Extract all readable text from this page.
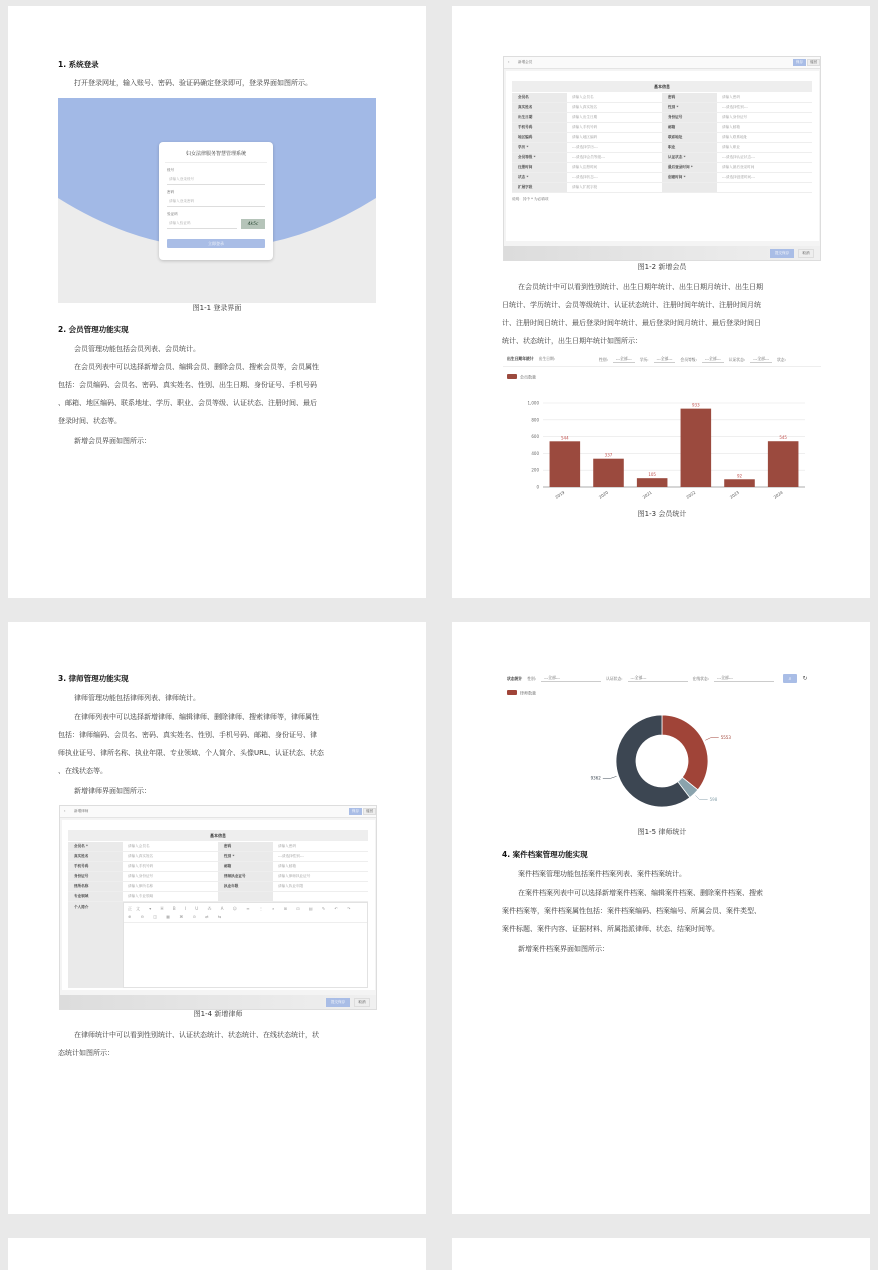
1. 系统登录
打开登录网址，输入账号、密码、验证码确定登录即可，登录界面如图所示。
妇女法律服务智慧管理系统
账号
请输入登录账号
密码
请输入登录密码
验证码
请输入验证码	4k5c
立即登录
图1-1 登录界面
2. 会员管理功能实现
会员管理功能包括会员列表、会员统计。
在会员列表中可以选择新增会员、编辑会员、删除会员、搜索会员等，会员属性
包括：会员编码、会员名、密码、真实姓名、性别、出生日期、身份证号、手机号码
、邮箱、地区编码、联系地址、学历、职业、会员等级、认证状态、注册时间、最后
登录时间、状态等。
新增会员界面如图所示：
‹ 新增会员	保存	返回
基本信息
会员名	请输入会员名	密码	请输入密码
真实姓名	请输入真实姓名	性别 *	---请选择性别---
出生日期	请输入出生日期	身份证号	请输入身份证号
手机号码	请输入手机号码	邮箱	请输入邮箱
地区编码	请输入地区编码	联系地址	请输入联系地址
学历 *	---请选择学历---	职业	请输入职业
会员等级 *	---请选择会员等级---	认证状态 *	---请选择认证状态---
注册时间	请输入注册时间	最后登录时间 *	请输入最后登录时间
状态 *	---请选择状态---	创建时间 *	---请选择创建时间---
扩展字段	请输入扩展字段
说明：其中 * 为必填项
提交保存	取消
图1-2 新增会员
在会员统计中可以看到性别统计、出生日期年统计、出生日期月统计、出生日期
日统计、学历统计、会员等级统计、认证状态统计、注册时间年统计、注册时间月统
计、注册时间日统计、最后登录时间年统计、最后登录时间月统计、最后登录时间日
统计、状态统计，出生日期年统计如图所示：
出生日期年统计 出生日期:	性别:	---全部---	学历:	---全部---	会员等级:	---全部---	认证状态:	---全部---	状态:
会员数量
0
200
400
600
800
1,000
544
2019
337
2020
105
2021
933
2022
92
2023
545
2024
图1-3 会员统计
3. 律师管理功能实现
律师管理功能包括律师列表、律师统计。
在律师列表中可以选择新增律师、编辑律师、删除律师、搜索律师等，律师属性
包括：律师编码、会员名、密码、真实姓名、性别、手机号码、邮箱、身份证号、律
师执业证号、律所名称、执业年限、专业领域、个人简介、头像URL、认证状态、状态
、在线状态等。
新增律师界面如图所示：
‹ 新增律师	保存	返回
基本信息
会员名 *	请输入会员名	密码	请输入密码
真实姓名	请输入真实姓名	性别 *	---请选择性别---
手机号码	请输入手机号码	邮箱	请输入邮箱
身份证号	请输入身份证号	律师执业证号	请输入律师执业证号
律所名称	请输入律所名称	执业年限	请输入执业年限
专业领域	请输入专业领域
个人简介	正文 ▾ H B I U ⁂ A ☺ ≡ ⋮ ⌕ ⊞ ⊡ ▤ ✎ ↶ ↷
⊕ ⊖ ◫ ▦ ⌘ ⊙ ⇄ ⇆
提交保存	取消
图1-4 新增律师
在律师统计中可以看到性别统计、认证状态统计、状态统计、在线状态统计，状
态统计如图所示：
状态统计 性别:	---全部---	认证状态:	---全部---	在线状态:	---全部---	⌕ ↻
律师数量
5553
598
9362
图1-5 律师统计
4. 案件档案管理功能实现
案件档案管理功能包括案件档案列表、案件档案统计。
在案件档案列表中可以选择新增案件档案、编辑案件档案、删除案件档案、搜索
案件档案等，案件档案属性包括：案件档案编码、档案编号、所属会员、案件类型、
案件标题、案件内容、证据材料、所属指派律师、状态、结案时间等。
新增案件档案界面如图所示：
